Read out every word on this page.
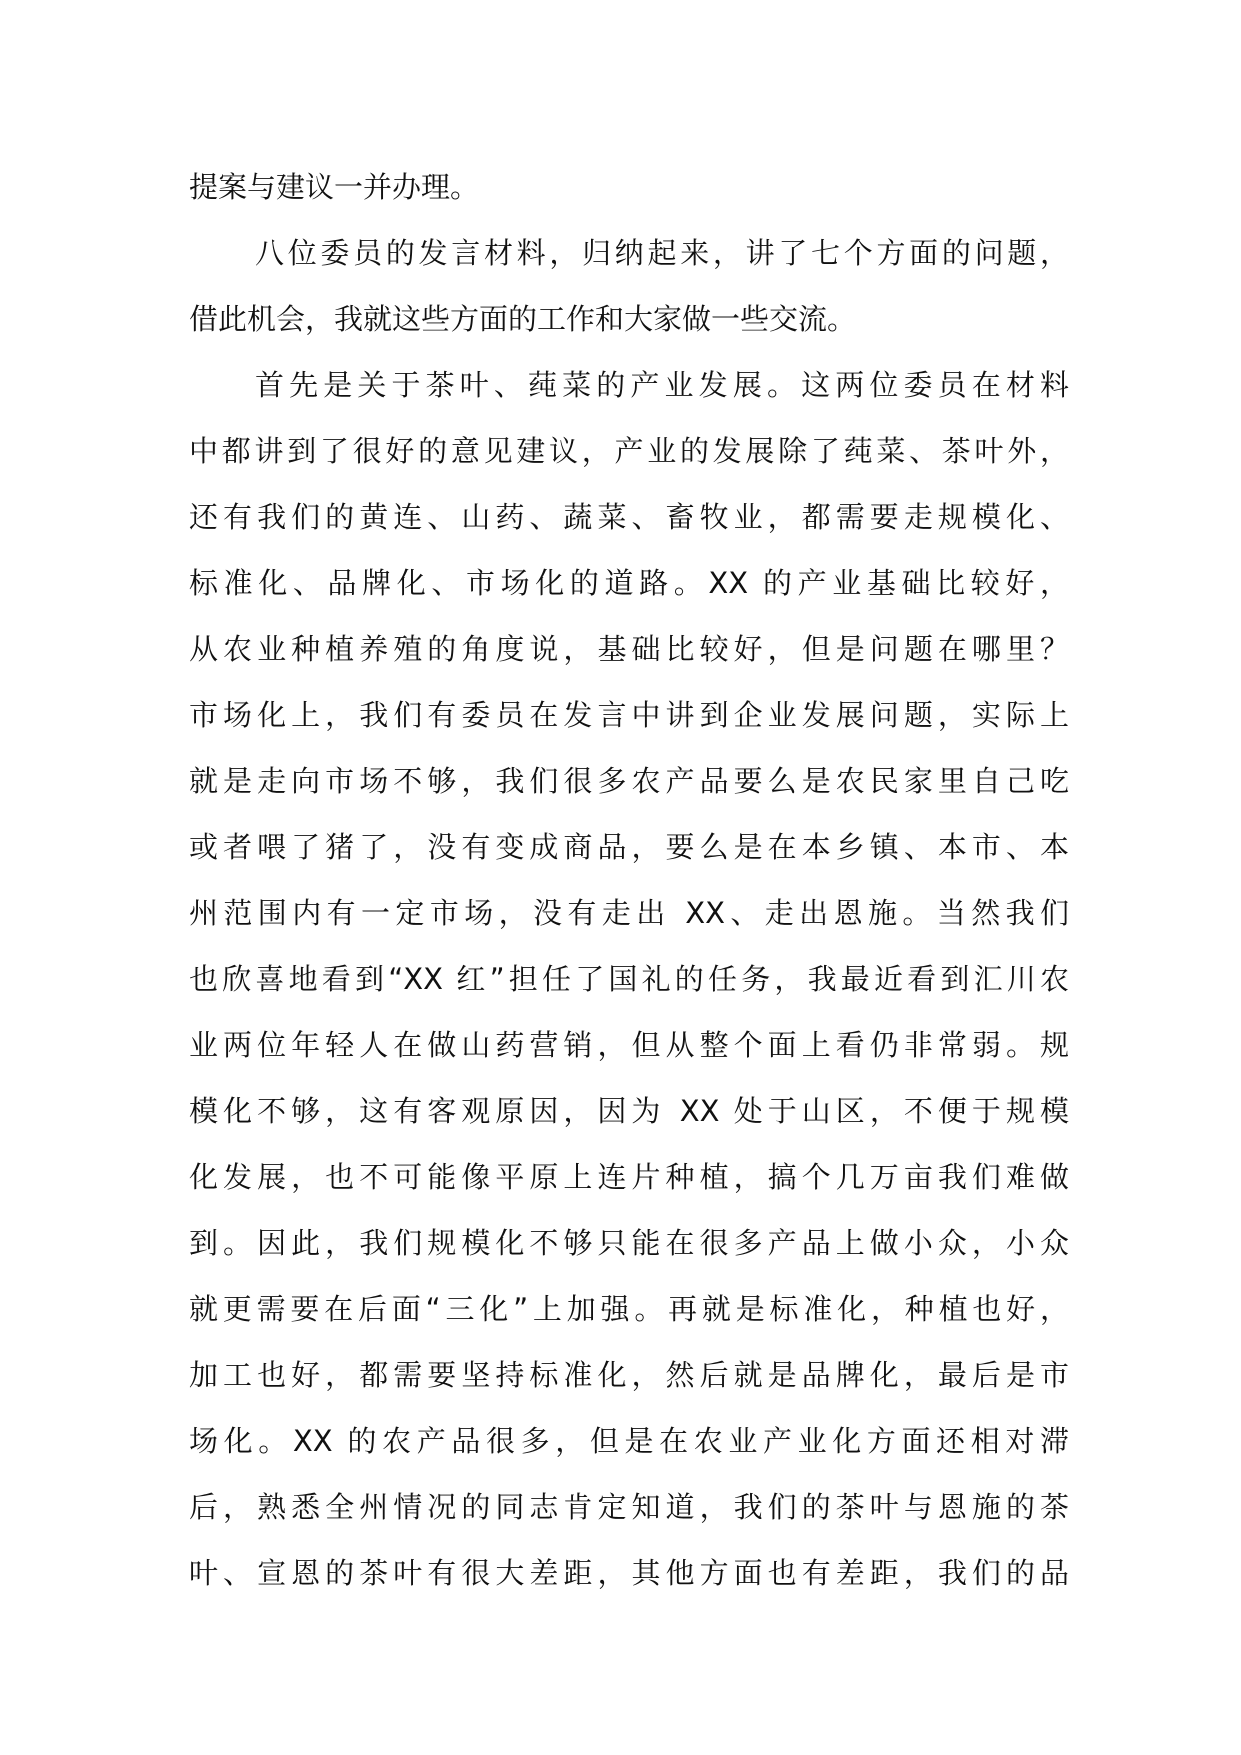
提案与建议一并办理。
八位委员的发言材料，归纳起来，讲了七个方面的问题，
借此机会，我就这些方面的工作和大家做一些交流。
首先是关于茶叶、莼菜的产业发展。这两位委员在材料
中都讲到了很好的意见建议，产业的发展除了莼菜、茶叶外，
还有我们的黄连、山药、蔬菜、畜牧业，都需要走规模化、
标准化、品牌化、市场化的道路。XX 的产业基础比较好，
从农业种植养殖的角度说，基础比较好，但是问题在哪里？
市场化上，我们有委员在发言中讲到企业发展问题，实际上
就是走向市场不够，我们很多农产品要么是农民家里自己吃
或者喂了猪了，没有变成商品，要么是在本乡镇、本市、本
州范围内有一定市场，没有走出 XX、走出恩施。当然我们
也欣喜地看到“XX 红”担任了国礼的任务，我最近看到汇川农
业两位年轻人在做山药营销，但从整个面上看仍非常弱。规
模化不够，这有客观原因，因为 XX 处于山区，不便于规模
化发展，也不可能像平原上连片种植，搞个几万亩我们难做
到。因此，我们规模化不够只能在很多产品上做小众，小众
就更需要在后面“三化”上加强。再就是标准化，种植也好，
加工也好，都需要坚持标准化，然后就是品牌化，最后是市
场化。XX 的农产品很多，但是在农业产业化方面还相对滞
后，熟悉全州情况的同志肯定知道，我们的茶叶与恩施的茶
叶、宣恩的茶叶有很大差距，其他方面也有差距，我们的品
